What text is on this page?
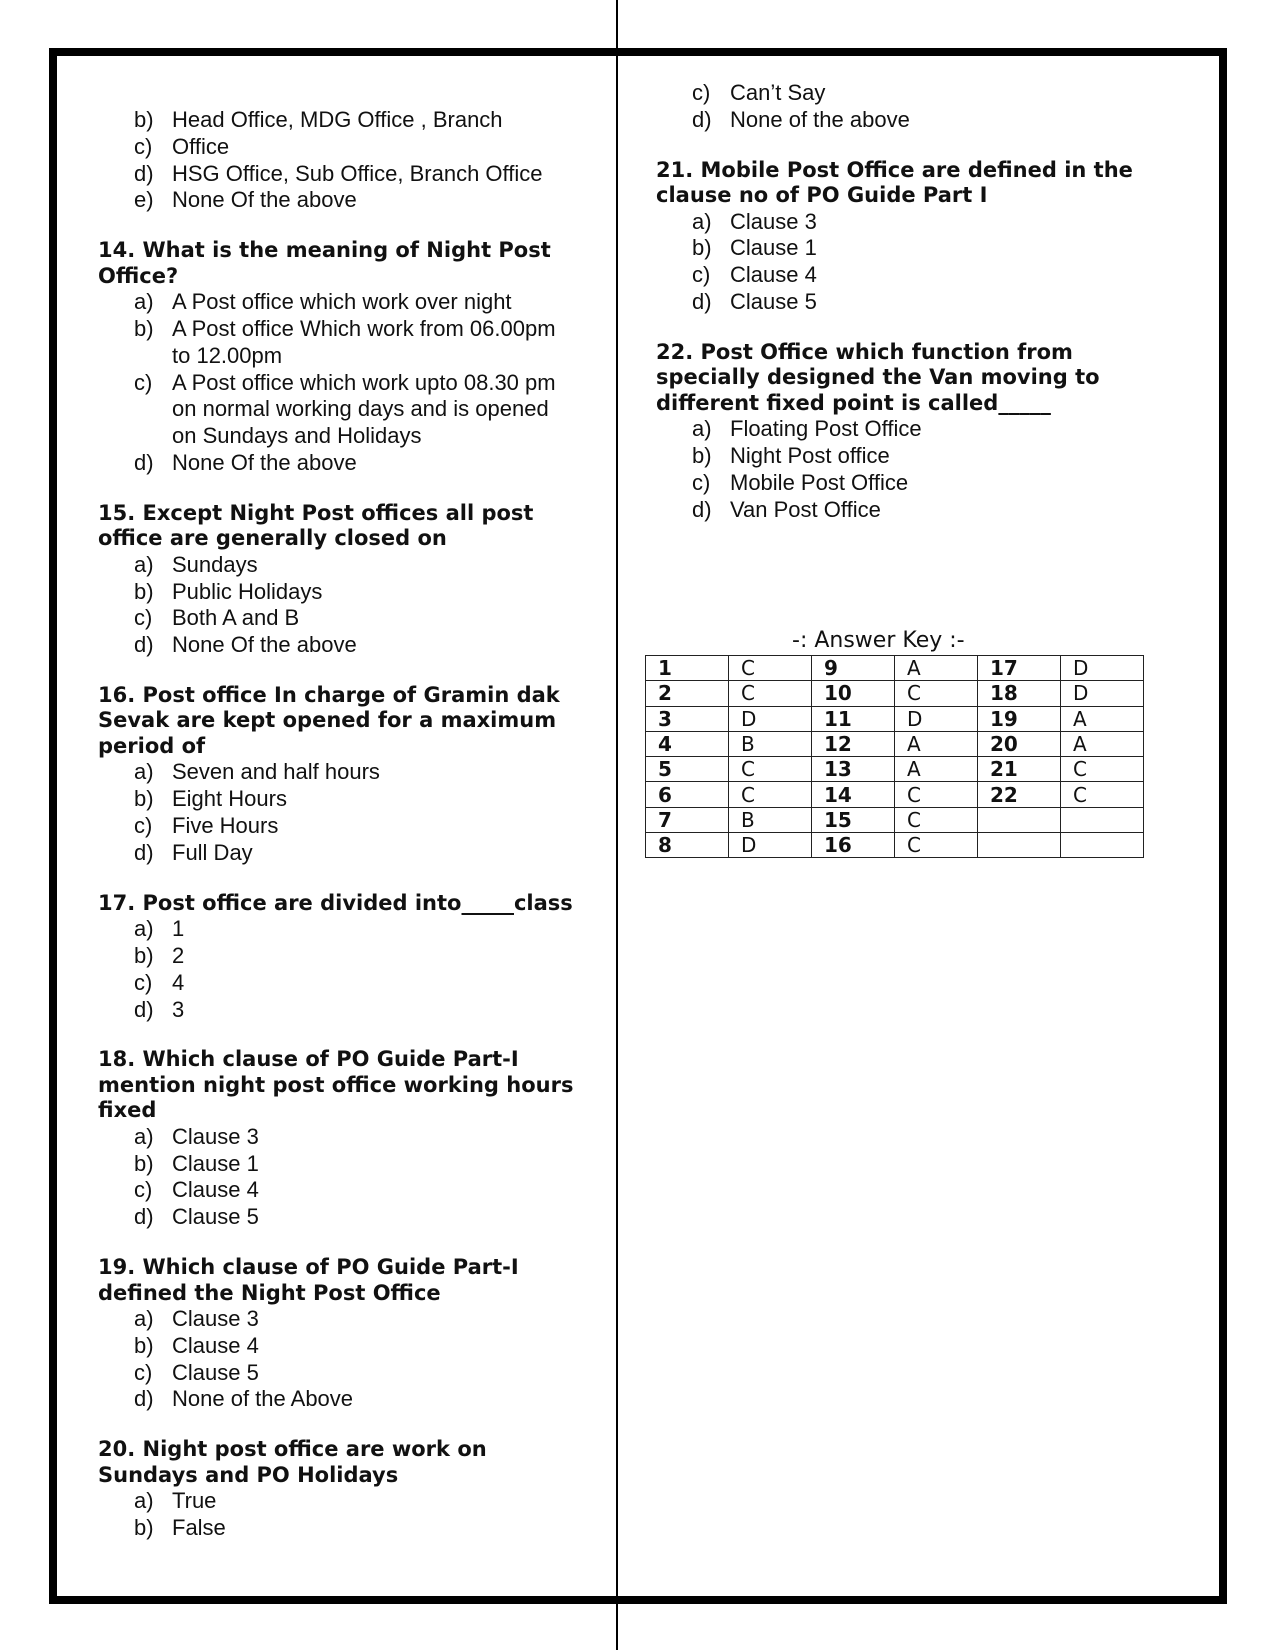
b) Head Office, MDG Office , Branch
c) Office
d) HSG Office, Sub Office, Branch Office
e) None Of the above

14. What is the meaning of Night Post Office?

a) A Post office which work over night
b) A Post office Which work from 06.00pm to 12.00pm
c) A Post office which work upto 08.30 pm on normal working days and is opened on Sundays and Holidays
d) None Of the above

15. Except Night Post offices all post office are generally closed on

a) Sundays
b) Public Holidays
c) Both A and B
d) None Of the above

16. Post office In charge of Gramin dak Sevak are kept opened for a maximum period of

a) Seven and half hours
b) Eight Hours
c) Five Hours
d) Full Day

17. Post office are divided into_____class

a) 1
b) 2
c) 4
d) 3

18. Which clause of PO Guide Part-I mention night post office working hours fixed

a) Clause 3
b) Clause 1
c) Clause 4
d) Clause 5

19. Which clause of PO Guide Part-I defined the Night Post Office

a) Clause 3
b) Clause 4
c) Clause 5
d) None of the Above

20. Night post office are work on Sundays and PO Holidays

a) True
b) False
c) Can’t Say
d) None of the above

21. Mobile Post Office are defined in the clause no of PO Guide Part I

a) Clause 3
b) Clause 1
c) Clause 4
d) Clause 5

22. Post Office which function from specially designed the Van moving to different fixed point is called_____

a) Floating Post Office
b) Night Post office
c) Mobile Post Office
d) Van Post Office
-: Answer Key :-
1	C	9	A	17	D
2	C	10	C	18	D
3	D	11	D	19	A
4	B	12	A	20	A
5	C	13	A	21	C
6	C	14	C	22	C
7	B	15	C		
8	D	16	C		
